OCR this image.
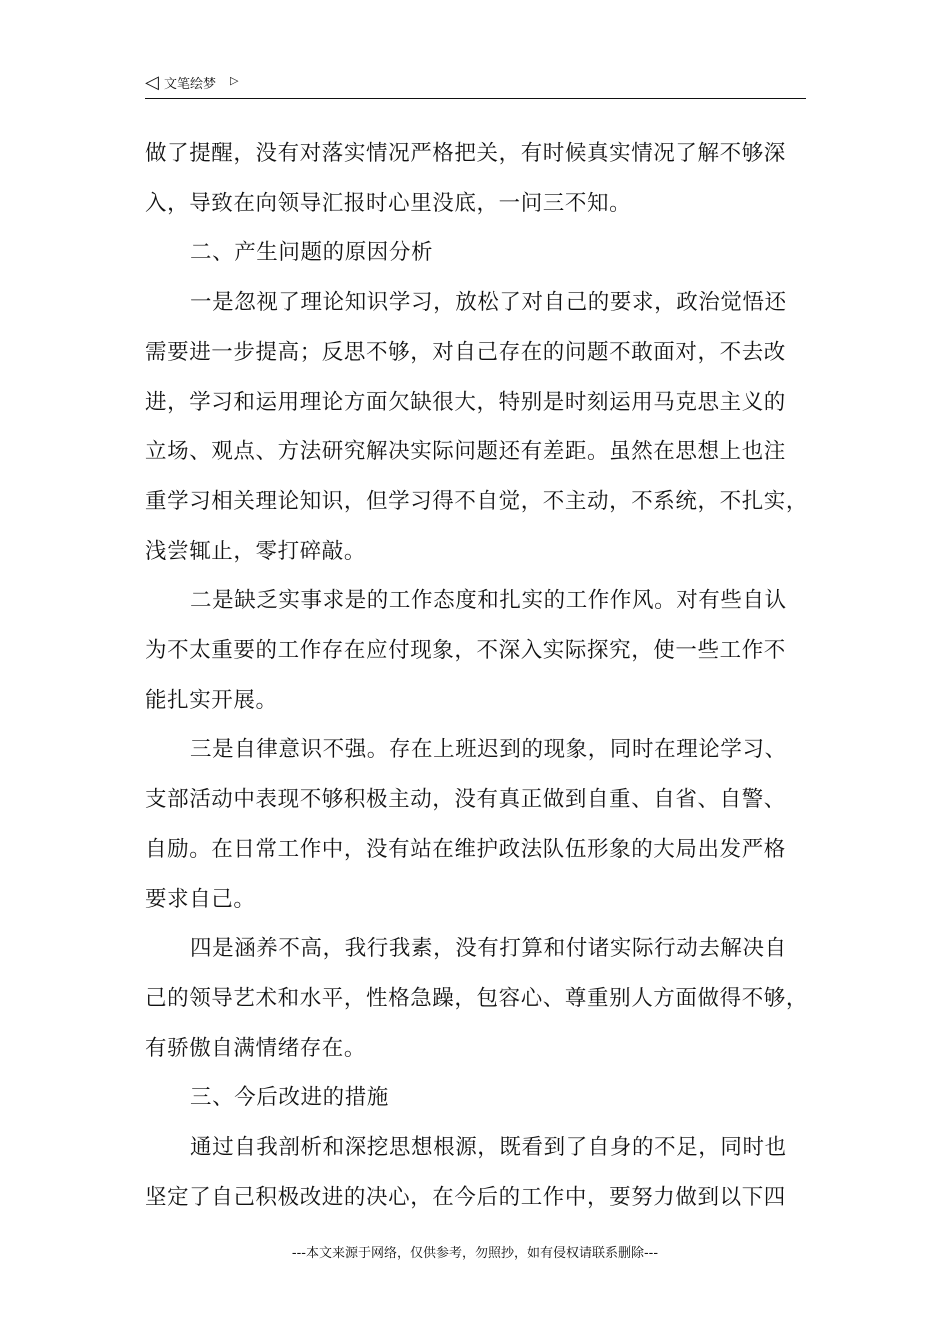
◁ 文笔绘梦 ▷

做了提醒，没有对落实情况严格把关，有时候真实情况了解不够深

入，导致在向领导汇报时心里没底，一问三不知。

二、产生问题的原因分析

一是忽视了理论知识学习，放松了对自己的要求，政治觉悟还

需要进一步提高；反思不够，对自己存在的问题不敢面对，不去改

进，学习和运用理论方面欠缺很大，特别是时刻运用马克思主义的

立场、观点、方法研究解决实际问题还有差距。虽然在思想上也注

重学习相关理论知识，但学习得不自觉，不主动，不系统，不扎实，

浅尝辄止，零打碎敲。

二是缺乏实事求是的工作态度和扎实的工作作风。对有些自认

为不太重要的工作存在应付现象，不深入实际探究，使一些工作不

能扎实开展。

三是自律意识不强。存在上班迟到的现象，同时在理论学习、

支部活动中表现不够积极主动，没有真正做到自重、自省、自警、

自励。在日常工作中，没有站在维护政法队伍形象的大局出发严格

要求自己。

四是涵养不高，我行我素，没有打算和付诸实际行动去解决自

己的领导艺术和水平，性格急躁，包容心、尊重别人方面做得不够，

有骄傲自满情绪存在。

三、今后改进的措施

通过自我剖析和深挖思想根源，既看到了自身的不足，同时也

坚定了自己积极改进的决心，在今后的工作中，要努力做到以下四

---本文来源于网络，仅供参考，勿照抄，如有侵权请联系删除---
